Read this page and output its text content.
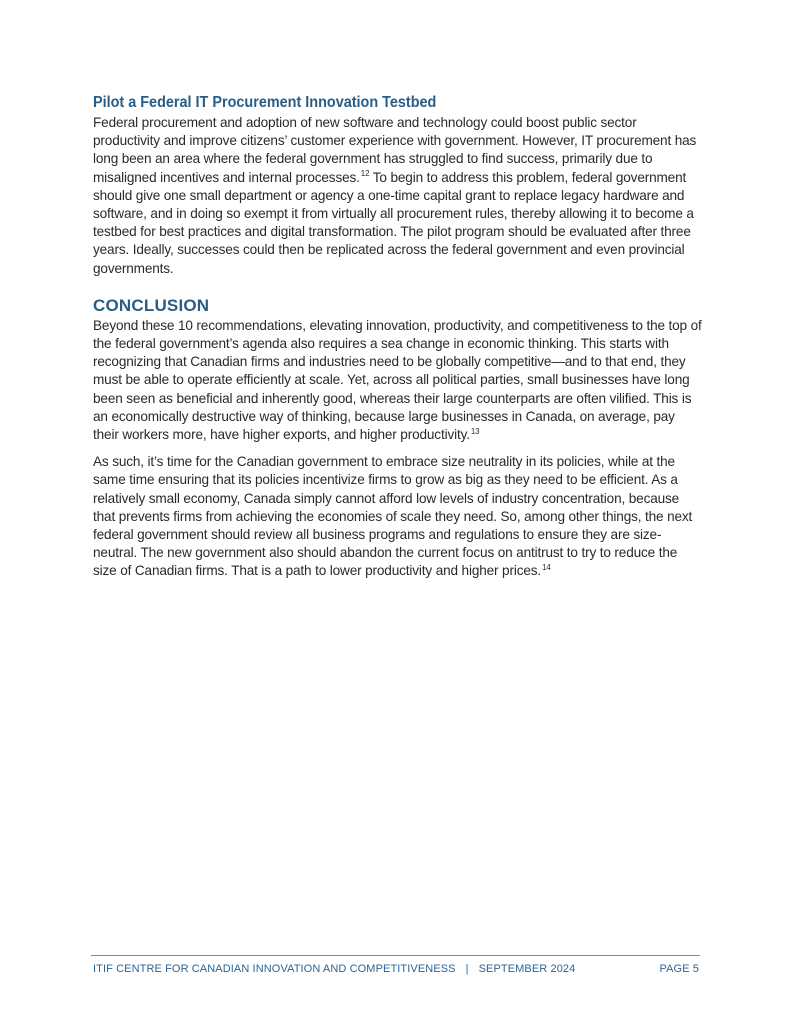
Pilot a Federal IT Procurement Innovation Testbed

Federal procurement and adoption of new software and technology could boost public sector productivity and improve citizens’ customer experience with government. However, IT procurement has long been an area where the federal government has struggled to find success, primarily due to misaligned incentives and internal processes.$^{12}$ To begin to address this problem, federal government should give one small department or agency a one-time capital grant to replace legacy hardware and software, and in doing so exempt it from virtually all procurement rules, thereby allowing it to become a testbed for best practices and digital transformation. The pilot program should be evaluated after three years. Ideally, successes could then be replicated across the federal government and even provincial governments.

CONCLUSION

Beyond these 10 recommendations, elevating innovation, productivity, and competitiveness to the top of the federal government’s agenda also requires a sea change in economic thinking. This starts with recognizing that Canadian firms and industries need to be globally competitive—and to that end, they must be able to operate efficiently at scale. Yet, across all political parties, small businesses have long been seen as beneficial and inherently good, whereas their large counterparts are often vilified. This is an economically destructive way of thinking, because large businesses in Canada, on average, pay their workers more, have higher exports, and higher productivity.$^{13}$

As such, it’s time for the Canadian government to embrace size neutrality in its policies, while at the same time ensuring that its policies incentivize firms to grow as big as they need to be efficient. As a relatively small economy, Canada simply cannot afford low levels of industry concentration, because that prevents firms from achieving the economies of scale they need. So, among other things, the next federal government should review all business programs and regulations to ensure they are size-neutral. The new government also should abandon the current focus on antitrust to try to reduce the size of Canadian firms. That is a path to lower productivity and higher prices.$^{14}$

ITIF CENTRE FOR CANADIAN INNOVATION AND COMPETITIVENESS | SEPTEMBER 2024	PAGE 5
